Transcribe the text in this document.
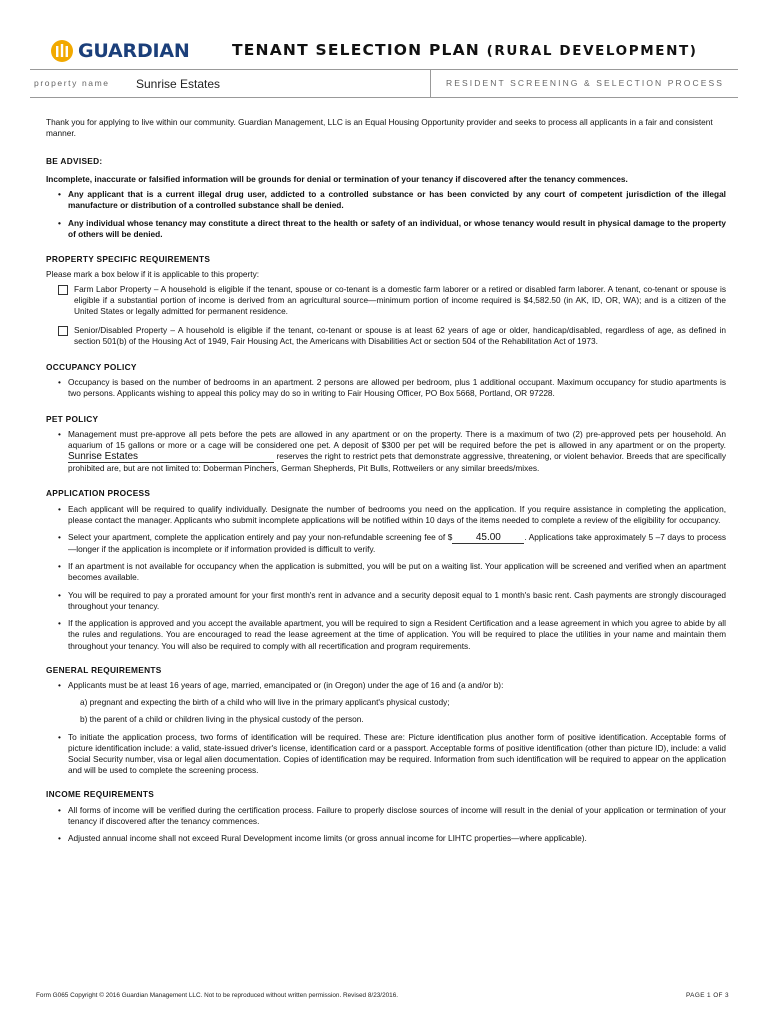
GUARDIAN	TENANT SELECTION PLAN (RURAL DEVELOPMENT)
property name Sunrise Estates	RESIDENT SCREENING & SELECTION PROCESS

Thank you for applying to live within our community. Guardian Management, LLC is an Equal Housing Opportunity provider and seeks to process all applicants in a fair and consistent manner.

BE ADVISED:

Incomplete, inaccurate or falsified information will be grounds for denial or termination of your tenancy if discovered after the tenancy commences.

• Any applicant that is a current illegal drug user, addicted to a controlled substance or has been convicted by any court of competent jurisdiction of the illegal manufacture or distribution of a controlled substance shall be denied.
• Any individual whose tenancy may constitute a direct threat to the health or safety of an individual, or whose tenancy would result in physical damage to the property of others will be denied.
PROPERTY SPECIFIC REQUIREMENTS

Please mark a box below if it is applicable to this property:

Farm Labor Property – A household is eligible if the tenant, spouse or co-tenant is a domestic farm laborer or a retired or disabled farm laborer. A tenant, co-tenant or spouse is eligible if a substantial portion of income is derived from an agricultural source—minimum portion of income required is $4,582.50 (in AK, ID, OR, WA); and is a citizen of the United States or legally admitted for permanent residence.
Senior/Disabled Property – A household is eligible if the tenant, co-tenant or spouse is at least 62 years of age or older, handicap/disabled, regardless of age, as defined in section 501(b) of the Housing Act of 1949, Fair Housing Act, the Americans with Disabilities Act or section 504 of the Rehabilitation Act of 1973.
OCCUPANCY POLICY
• Occupancy is based on the number of bedrooms in an apartment. 2 persons are allowed per bedroom, plus 1 additional occupant. Maximum occupancy for studio apartments is two persons. Applicants wishing to appeal this policy may do so in writing to Fair Housing Officer, PO Box 5668, Portland, OR 97228.
PET POLICY
• Management must pre-approve all pets before the pets are allowed in any apartment or on the property. There is a maximum of two (2) pre-approved pets per household. An aquarium of 15 gallons or more or a cage will be considered one pet. A deposit of $300 per pet will be required before the pet is allowed in any apartment or on the property. Sunrise Estates	reserves the right to restrict pets that demonstrate aggressive, threatening, or violent behavior. Breeds that are specifically prohibited are, but are not limited to: Doberman Pinchers, German Shepherds, Pit Bulls, Rottweilers or any similar breeds/mixes.
APPLICATION PROCESS
• Each applicant will be required to qualify individually. Designate the number of bedrooms you need on the application. If you require assistance in completing the application, please contact the manager. Applicants who submit incomplete applications will be notified within 10 days of the items needed to complete a review of the eligibility for occupancy.
• Select your apartment, complete the application entirely and pay your non-refundable screening fee of $ 45.00	. Applications take approximately 5 –7 days to process—longer if the application is incomplete or if information provided is difficult to verify.
• If an apartment is not available for occupancy when the application is submitted, you will be put on a waiting list. Your application will be screened and verified when an apartment becomes available.
• You will be required to pay a prorated amount for your first month's rent in advance and a security deposit equal to 1 month's basic rent. Cash payments are strongly discouraged throughout your tenancy.
• If the application is approved and you accept the available apartment, you will be required to sign a Resident Certification and a lease agreement in which you agree to abide by all the rules and regulations. You are encouraged to read the lease agreement at the time of application. You will be required to place the utilities in your name and maintain them throughout your tenancy. You will also be required to comply with all recertification and program requirements.
GENERAL REQUIREMENTS
• Applicants must be at least 16 years of age, married, emancipated or (in Oregon) under the age of 16 and (a and/or b):
a) pregnant and expecting the birth of a child who will live in the primary applicant's physical custody;
b) the parent of a child or children living in the physical custody of the person.
• To initiate the application process, two forms of identification will be required. These are: Picture identification plus another form of positive identification. Acceptable forms of picture identification include: a valid, state-issued driver's license, identification card or a passport. Acceptable forms of positive identification (other than picture ID), include: a valid Social Security number, visa or legal alien documentation. Copies of identification may be required. Information from such identification will be required to appear on the application and will be used to complete the screening process.
INCOME REQUIREMENTS
• All forms of income will be verified during the certification process. Failure to properly disclose sources of income will result in the denial of your application or termination of your tenancy if discovered after the tenancy commences.
• Adjusted annual income shall not exceed Rural Development income limits (or gross annual income for LIHTC properties—where applicable).
Form G065 Copyright © 2016 Guardian Management LLC. Not to be reproduced without written permission. Revised 8/23/2016.	PAGE 1 OF 3
